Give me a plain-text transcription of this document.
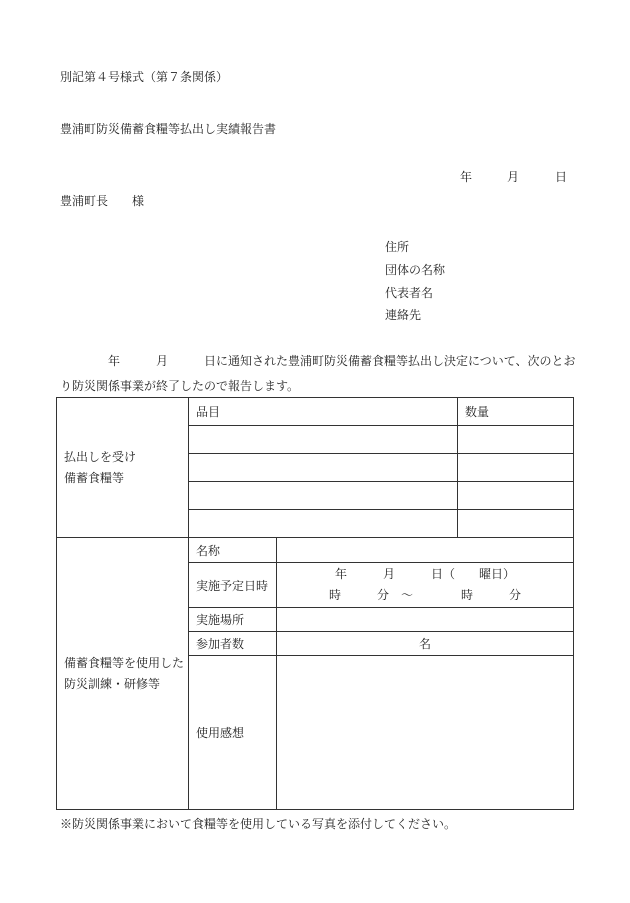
別記第４号様式（第７条関係）
豊浦町防災備蓄食糧等払出し実績報告書
年	月	日
豊浦町長　　様
住所
団体の名称
代表者名
連絡先
年　　　月　　　日に通知された豊浦町防災備蓄食糧等払出し決定について、次のとお
り防災関係事業が終了したので報告します。
払出しを受け
備蓄食糧等	品目		数量

備蓄食糧等を使用した
防災訓練・研修等	名称		
	実施予定日時	年　　　月　　　日（　　曜日）
時　　　分　～　　　　時　　　分	

	実施場所		
	参加者数	名	
	使用感想		
※防災関係事業において食糧等を使用している写真を添付してください。
